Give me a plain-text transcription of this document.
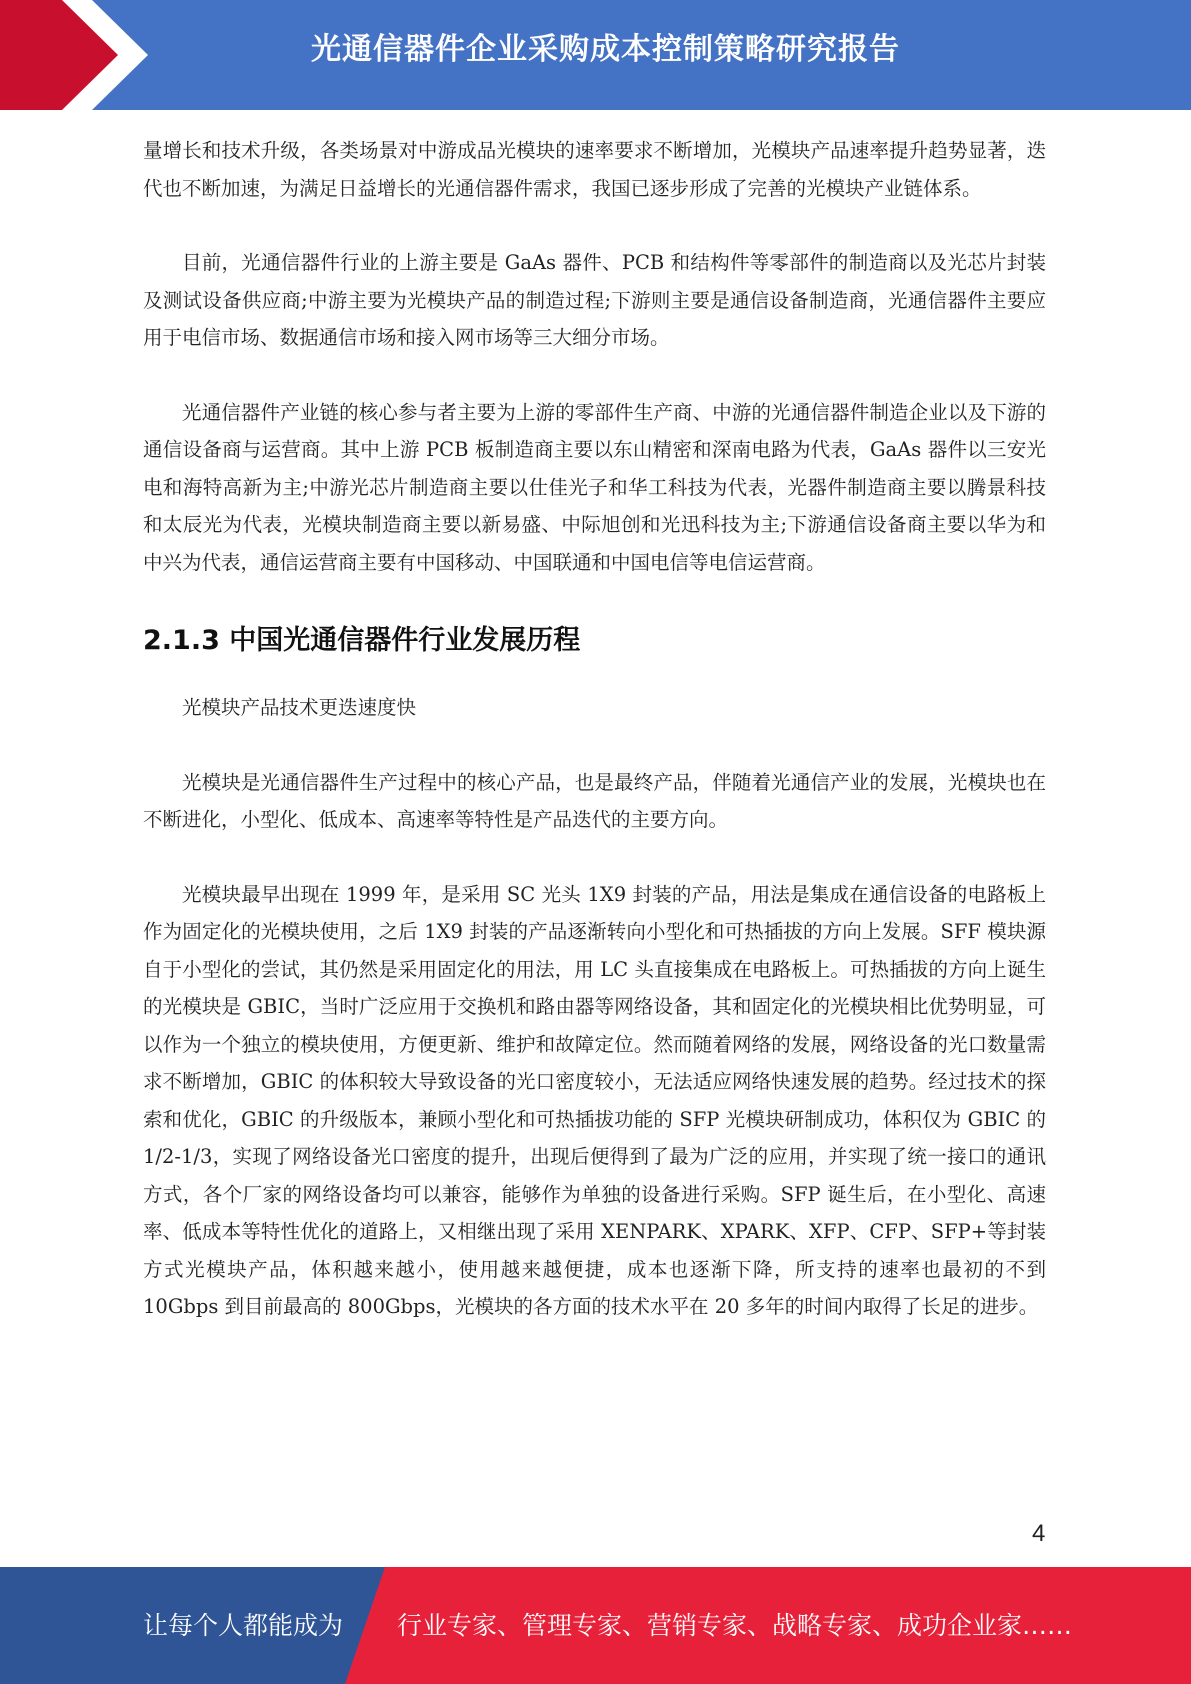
光通信器件企业采购成本控制策略研究报告

量增长和技术升级，各类场景对中游成品光模块的速率要求不断增加，光模块产品速率提升趋势显著，迭代也不断加速，为满足日益增长的光通信器件需求，我国已逐步形成了完善的光模块产业链体系。

目前，光通信器件行业的上游主要是 GaAs 器件、PCB 和结构件等零部件的制造商以及光芯片封装及测试设备供应商;中游主要为光模块产品的制造过程;下游则主要是通信设备制造商，光通信器件主要应用于电信市场、数据通信市场和接入网市场等三大细分市场。

光通信器件产业链的核心参与者主要为上游的零部件生产商、中游的光通信器件制造企业以及下游的通信设备商与运营商。其中上游 PCB 板制造商主要以东山精密和深南电路为代表，GaAs 器件以三安光电和海特高新为主;中游光芯片制造商主要以仕佳光子和华工科技为代表，光器件制造商主要以腾景科技和太辰光为代表，光模块制造商主要以新易盛、中际旭创和光迅科技为主;下游通信设备商主要以华为和中兴为代表，通信运营商主要有中国移动、中国联通和中国电信等电信运营商。

2.1.3 中国光通信器件行业发展历程

光模块产品技术更迭速度快

光模块是光通信器件生产过程中的核心产品，也是最终产品，伴随着光通信产业的发展，光模块也在不断进化，小型化、低成本、高速率等特性是产品迭代的主要方向。

光模块最早出现在 1999 年，是采用 SC 光头 1X9 封装的产品，用法是集成在通信设备的电路板上作为固定化的光模块使用，之后 1X9 封装的产品逐渐转向小型化和可热插拔的方向上发展。SFF 模块源自于小型化的尝试，其仍然是采用固定化的用法，用 LC 头直接集成在电路板上。可热插拔的方向上诞生的光模块是 GBIC，当时广泛应用于交换机和路由器等网络设备，其和固定化的光模块相比优势明显，可以作为一个独立的模块使用，方便更新、维护和故障定位。然而随着网络的发展，网络设备的光口数量需求不断增加，GBIC 的体积较大导致设备的光口密度较小，无法适应网络快速发展的趋势。经过技术的探索和优化，GBIC 的升级版本，兼顾小型化和可热插拔功能的 SFP 光模块研制成功，体积仅为 GBIC 的 1/2-1/3，实现了网络设备光口密度的提升，出现后便得到了最为广泛的应用，并实现了统一接口的通讯方式，各个厂家的网络设备均可以兼容，能够作为单独的设备进行采购。SFP 诞生后，在小型化、高速率、低成本等特性优化的道路上，又相继出现了采用 XENPARK、XPARK、XFP、CFP、SFP+等封装方式光模块产品，体积越来越小，使用越来越便捷，成本也逐渐下降，所支持的速率也最初的不到 10Gbps 到目前最高的 800Gbps，光模块的各方面的技术水平在 20 多年的时间内取得了长足的进步。

4
让每个人都能成为 行业专家、管理专家、营销专家、战略专家、成功企业家……
